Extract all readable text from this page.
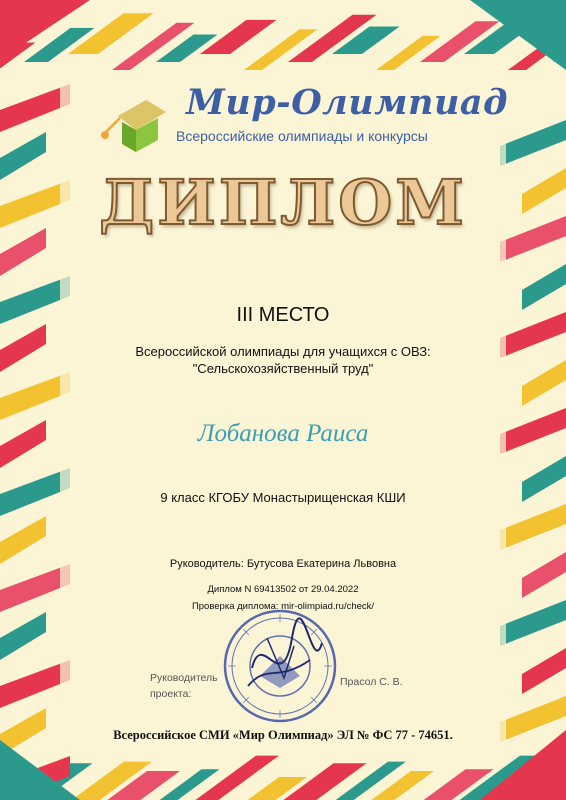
Мир-Олимпиад
Всероссийские олимпиады и конкурсы
ДИПЛОМ
III МЕСТО
Всероссийской олимпиады для учащихся с ОВЗ:
"Сельскохозяйственный труд"
Лобанова Раиса
9 класс КГОБУ Монастырищенская КШИ
Руководитель: Бутусова Екатерина Львовна
Диплом N 69413502 от 29.04.2022
Проверка диплома: mir-olimpiad.ru/check/
Руководитель проекта:
Прасол С. В.
Всероссийское СМИ «Мир Олимпиад» ЭЛ № ФС 77 - 74651.
